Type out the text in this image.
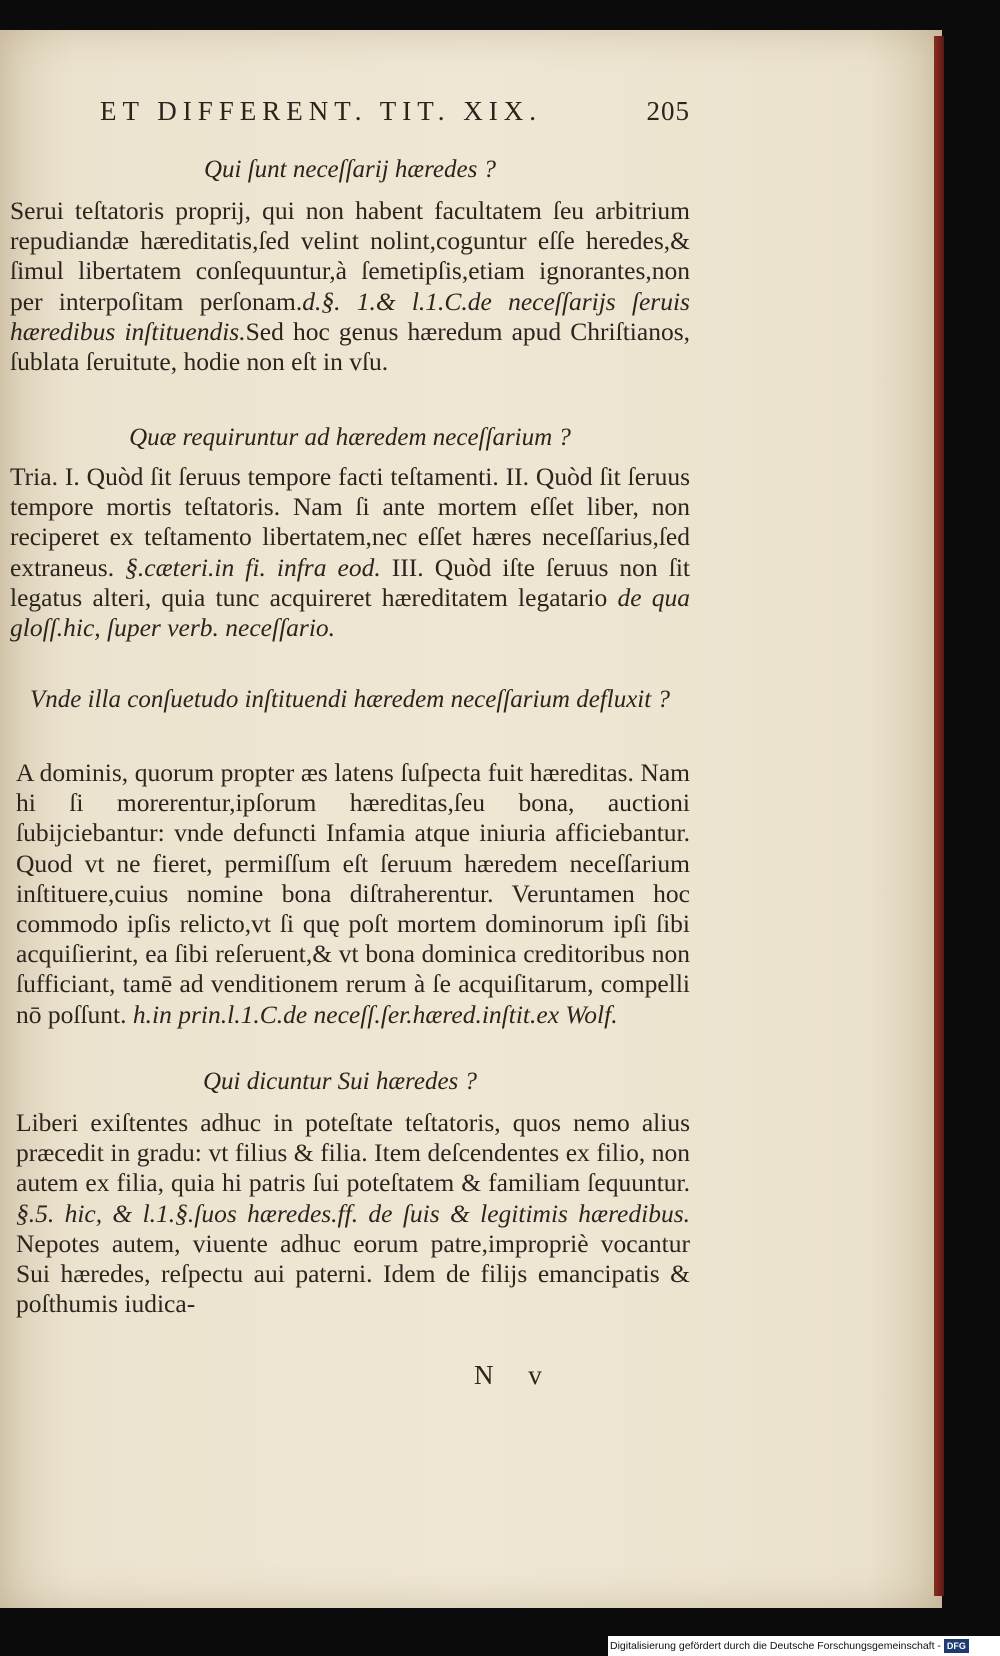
ET DIFFERENT. TIT. XIX.	205
Qui ſunt neceſſarij hæredes ?
Serui teſtatoris proprij, qui non habent facultatem ſeu arbitrium repudiandæ hæreditatis,ſed velint nolint,coguntur eſſe heredes,& ſimul libertatem conſequuntur,à ſemetipſis,etiam ignorantes,non per interpoſitam perſonam.d.§. 1.& l.1.C.de neceſſarijs ſeruis hæredibus inſtituendis.Sed hoc genus hæredum apud Chriſtianos, ſublata ſeruitute, hodie non eſt in vſu.
Quæ requiruntur ad hæredem neceſſarium ?
Tria. I. Quòd ſit ſeruus tempore facti teſtamenti. II. Quòd ſit ſeruus tempore mortis teſtatoris. Nam ſi ante mortem eſſet liber, non reciperet ex teſtamento libertatem,nec eſſet hæres neceſſarius,ſed extraneus. §.cæteri.in fi. infra eod. III. Quòd iſte ſeruus non ſit legatus alteri, quia tunc acquireret hæreditatem legatario de qua gloſſ.hic, ſuper verb. neceſſario.
Vnde illa conſuetudo inſtituendi hæredem neceſſarium defluxit ?
A dominis, quorum propter æs latens ſuſpecta fuit hæreditas. Nam hi ſi morerentur,ipſorum hæreditas,ſeu bona, auctioni ſubijciebantur: vnde defuncti Infamia atque iniuria afficiebantur. Quod vt ne fieret, permiſſum eſt ſeruum hæredem neceſſarium inſtituere,cuius nomine bona diſtraherentur. Veruntamen hoc commodo ipſis relicto,vt ſi quę poſt mortem dominorum ipſi ſibi acquiſierint, ea ſibi reſeruent,& vt bona dominica creditoribus non ſufficiant, tamē ad venditionem rerum à ſe acquiſitarum, compelli nō poſſunt. h.in prin.l.1.C.de neceſſ.ſer.hæred.inſtit.ex Wolf.
Qui dicuntur Sui hæredes ?
Liberi exiſtentes adhuc in poteſtate teſtatoris, quos nemo alius præcedit in gradu: vt filius & filia. Item deſcendentes ex filio, non autem ex filia, quia hi patris ſui poteſtatem & familiam ſequuntur. §.5. hic, & l.1.§.ſuos hæredes.ff. de ſuis & legitimis hæredibus. Nepotes autem, viuente adhuc eorum patre,impropriè vocantur Sui hæredes, reſpectu aui paterni. Idem de filijs emancipatis & poſthumis iudica-
N v
Digitalisierung gefördert durch die Deutsche Forschungsgemeinschaft - DFG
